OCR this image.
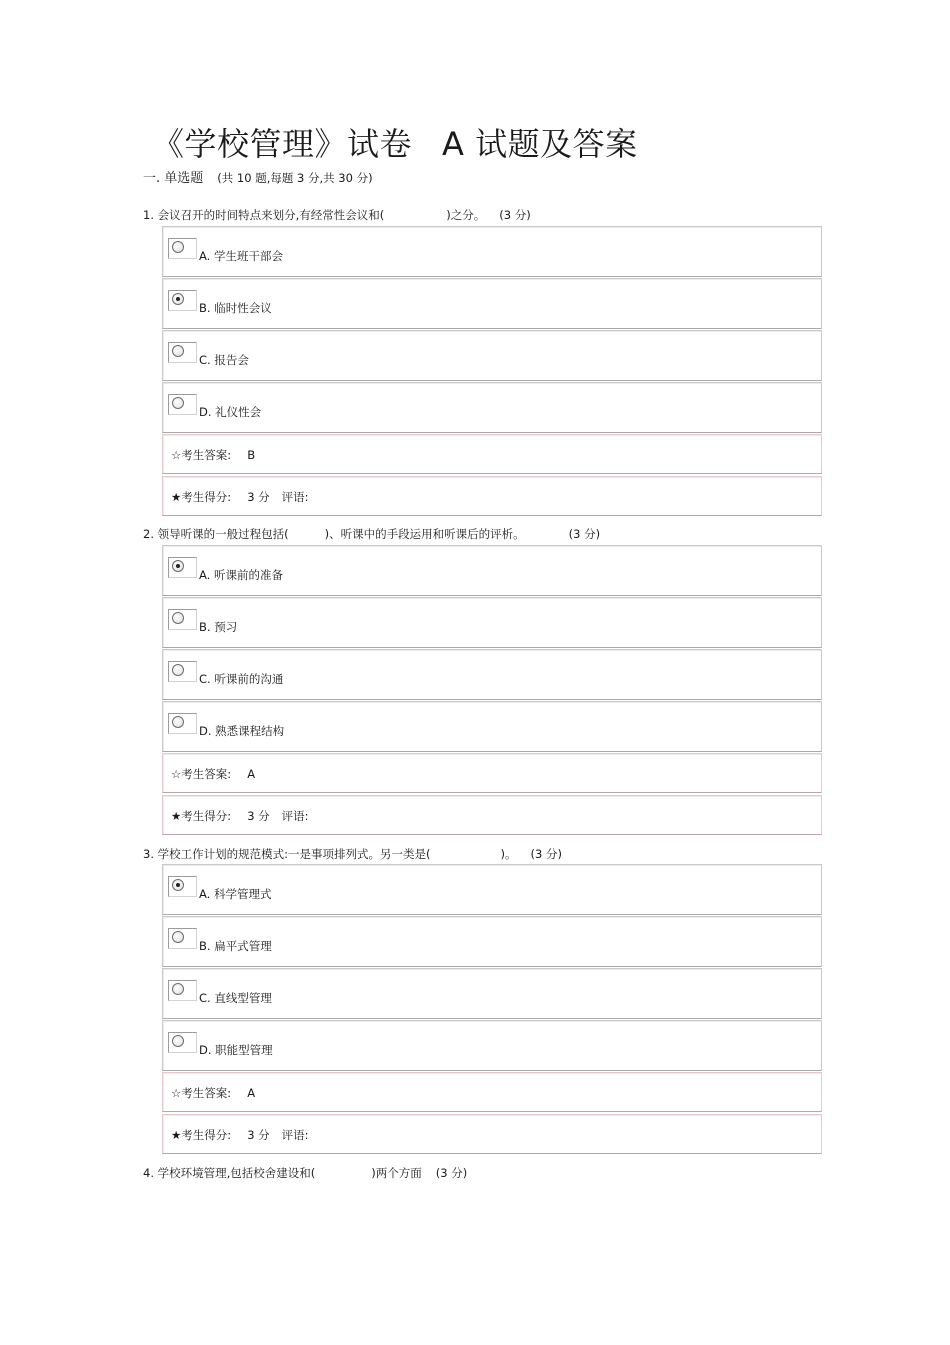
《学校管理》试卷 A 试题及答案
一. 单选题 (共 10 题,每题 3 分,共 30 分)
1. 会议召开的时间特点来划分,有经常性会议和(	)之分。 (3 分)
A. 学生班干部会
B. 临时性会议
C. 报告会
D. 礼仪性会
☆考生答案: B
★考生得分: 3 分 评语:
2. 领导听课的一般过程包括(	)、听课中的手段运用和听课后的评析。	(3 分)
A. 听课前的准备
B. 预习
C. 听课前的沟通
D. 熟悉课程结构
☆考生答案: A
★考生得分: 3 分 评语:
3. 学校工作计划的规范模式:一是事项排列式。另一类是(	)。 (3 分)
A. 科学管理式
B. 扁平式管理
C. 直线型管理
D. 职能型管理
☆考生答案: A
★考生得分: 3 分 评语:
4. 学校环境管理,包括校舍建设和(	)两个方面 (3 分)
